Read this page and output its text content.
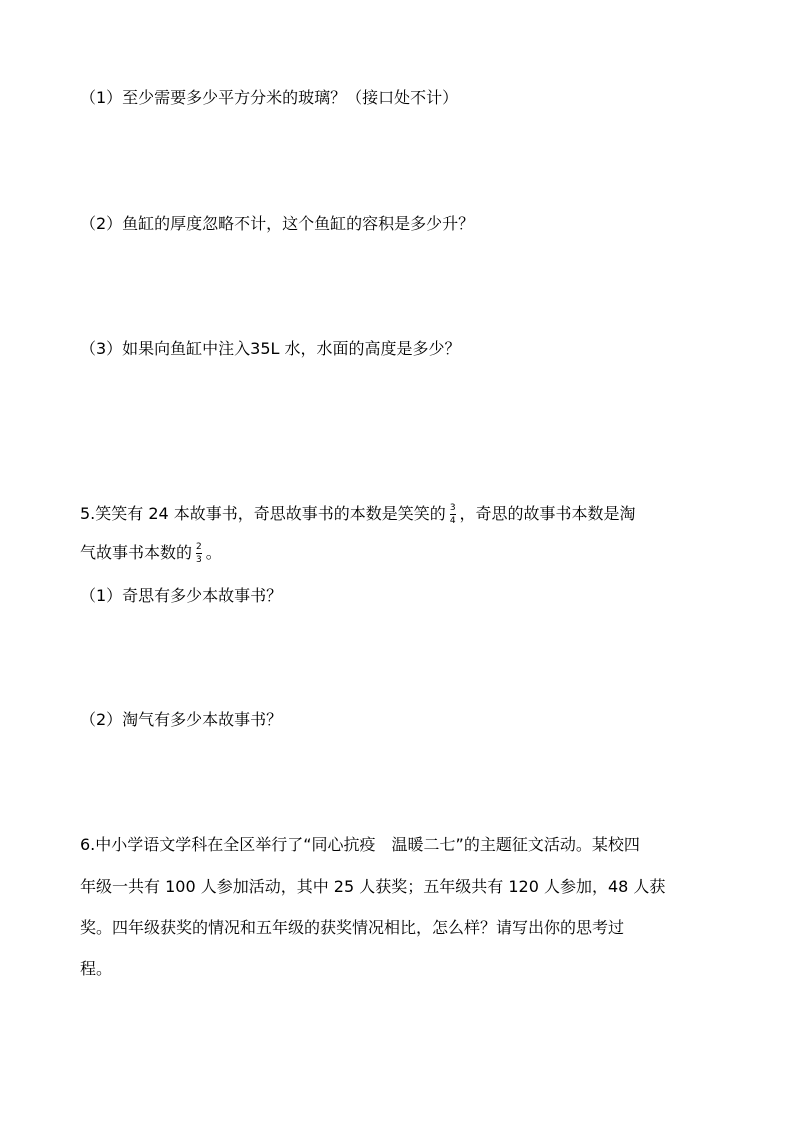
（1）至少需要多少平方分米的玻璃？（接口处不计）
（2）鱼缸的厚度忽略不计，这个鱼缸的容积是多少升？
（3）如果向鱼缸中注入35L 水，水面的高度是多少？
5.笑笑有 24 本故事书，奇思故事书的本数是笑笑的 $\frac{3}{4}$ ，奇思的故事书本数是淘
气故事书本数的 $\frac{2}{3}$ 。
（1）奇思有多少本故事书？
（2）淘气有多少本故事书？
6.中小学语文学科在全区举行了“同心抗疫　温暖二七”的主题征文活动。某校四
年级一共有 100 人参加活动，其中 25 人获奖；五年级共有 120 人参加，48 人获
奖。四年级获奖的情况和五年级的获奖情况相比，怎么样？请写出你的思考过
程。
